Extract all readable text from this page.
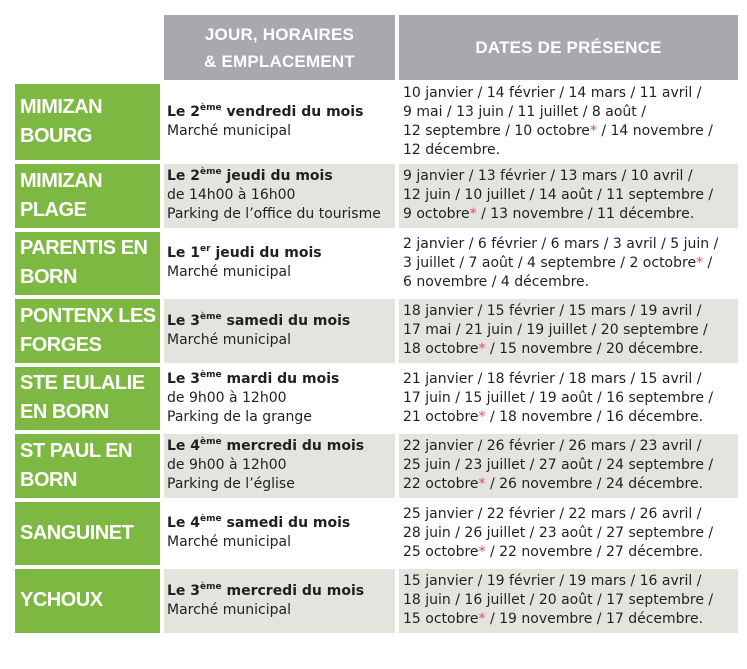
JOUR, HORAIRES
& EMPLACEMENT
DATES DE PRÉSENCE
MIMIZAN
BOURG
Le 2ème vendredi du mois
Marché municipal
10 janvier / 14 février / 14 mars / 11 avril /
9 mai / 13 juin / 11 juillet / 8 août /
12 septembre / 10 octobre* / 14 novembre /
12 décembre.
MIMIZAN
PLAGE
Le 2ème jeudi du mois
de 14h00 à 16h00
Parking de l’office du tourisme
9 janvier / 13 février / 13 mars / 10 avril /
12 juin / 10 juillet / 14 août / 11 septembre /
9 octobre* / 13 novembre / 11 décembre.
PARENTIS EN
BORN
Le 1er jeudi du mois
Marché municipal
2 janvier / 6 février / 6 mars / 3 avril / 5 juin /
3 juillet / 7 août / 4 septembre / 2 octobre* /
6 novembre / 4 décembre.
PONTENX LES
FORGES
Le 3ème samedi du mois
Marché municipal
18 janvier / 15 février / 15 mars / 19 avril /
17 mai / 21 juin / 19 juillet / 20 septembre /
18 octobre* / 15 novembre / 20 décembre.
STE EULALIE
EN BORN
Le 3ème mardi du mois
de 9h00 à 12h00
Parking de la grange
21 janvier / 18 février / 18 mars / 15 avril /
17 juin / 15 juillet / 19 août / 16 septembre /
21 octobre* / 18 novembre / 16 décembre.
ST PAUL EN
BORN
Le 4ème mercredi du mois
de 9h00 à 12h00
Parking de l’église
22 janvier / 26 février / 26 mars / 23 avril /
25 juin / 23 juillet / 27 août / 24 septembre /
22 octobre* / 26 novembre / 24 décembre.
SANGUINET	Le 4ème samedi du mois
Marché municipal
25 janvier / 22 février / 22 mars / 26 avril /
28 juin / 26 juillet / 23 août / 27 septembre /
25 octobre* / 22 novembre / 27 décembre.
YCHOUX	Le 3ème mercredi du mois
Marché municipal
15 janvier / 19 février / 19 mars / 16 avril /
18 juin / 16 juillet / 20 août / 17 septembre /
15 octobre* / 19 novembre / 17 décembre.
